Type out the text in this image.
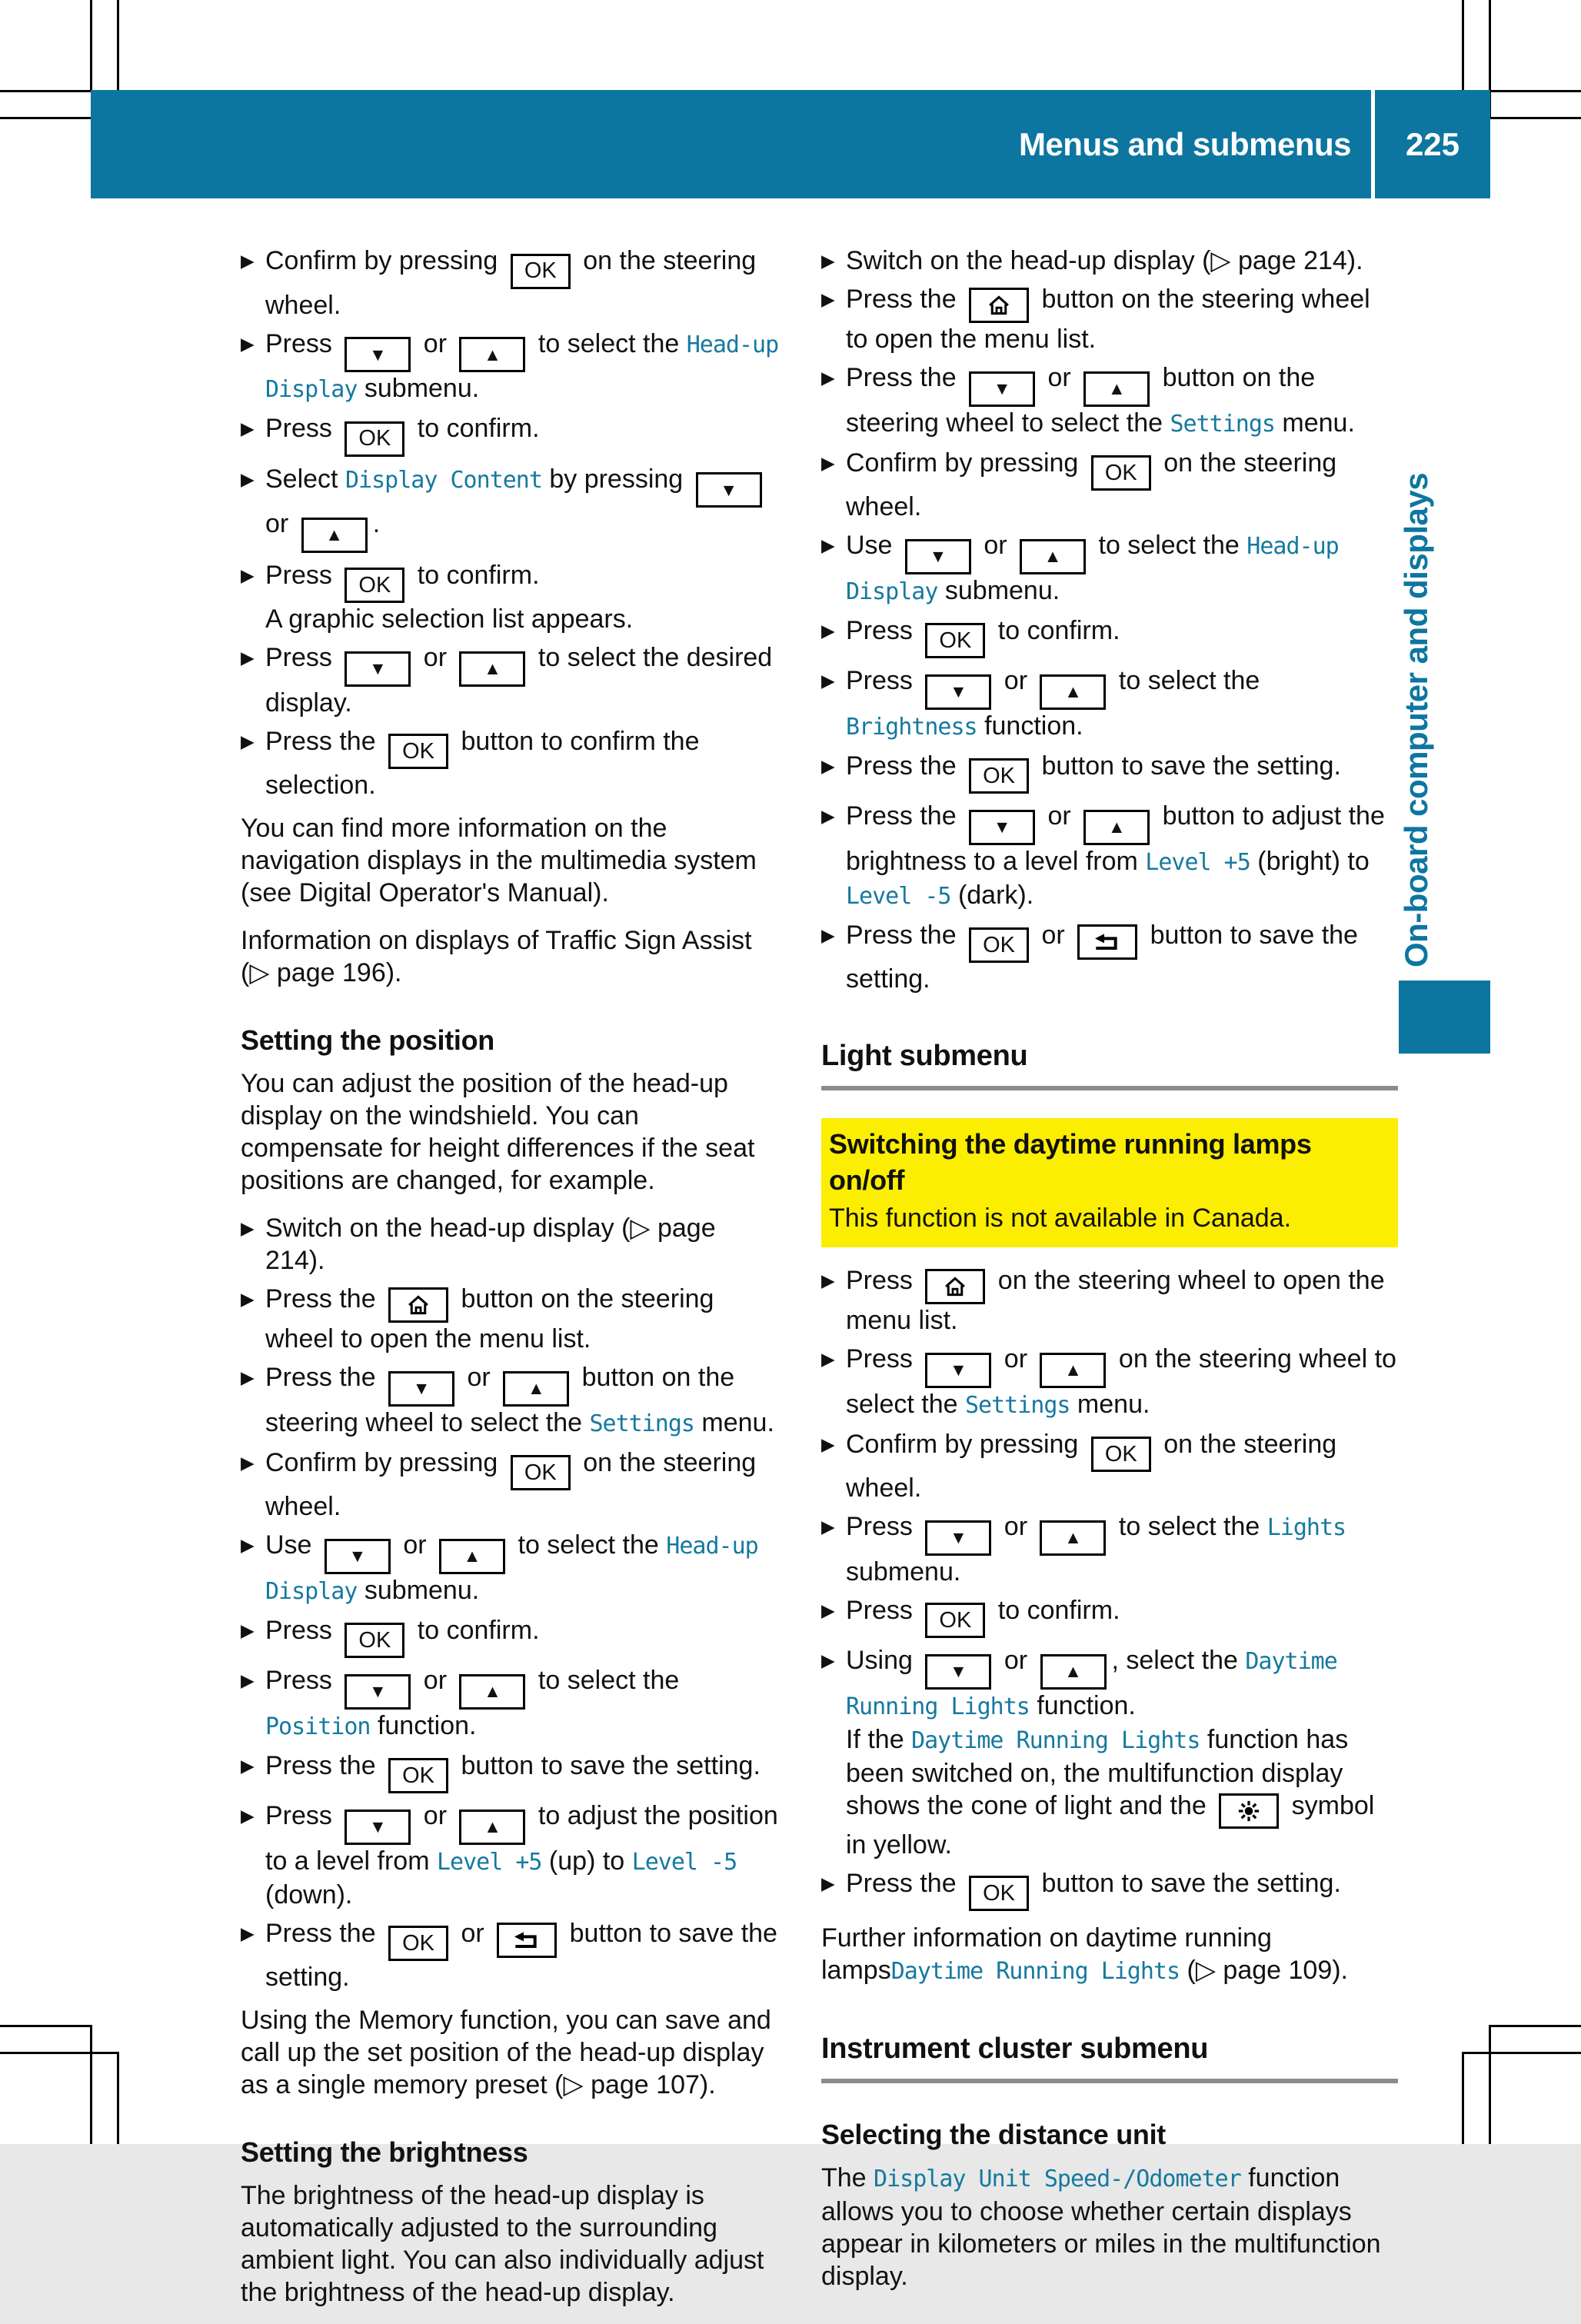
Menus and submenus	225
▶ Confirm by pressing OK on the steering wheel.
▶ Press ▼ or ▲ to select the Head-up Display submenu.
▶ Press OK to confirm.
▶ Select Display Content by pressing ▼ or ▲ .
▶ Press OK to confirm.
A graphic selection list appears.
▶ Press ▼ or ▲ to select the desired display.
▶ Press the OK button to confirm the selection.
You can find more information on the navigation displays in the multimedia system (see Digital Operator's Manual).
Information on displays of Traffic Sign Assist (▷ page 196).
Setting the position
You can adjust the position of the head-up display on the windshield. You can compensate for height differences if the seat positions are changed, for example.
▶ Switch on the head-up display (▷ page 214).
▶ Press the	button on the steering wheel to open the menu list.
▶ Press the ▼ or ▲ button on the steering wheel to select the Settings menu.
▶ Confirm by pressing OK on the steering wheel.
▶ Use ▼ or ▲ to select the Head-up Display submenu.
▶ Press OK to confirm.
▶ Press ▼ or ▲ to select the Position function.
▶ Press the OK button to save the setting.
▶ Press ▼ or ▲ to adjust the position to a level from Level +5 (up) to Level -5 (down).
▶ Press the OK or	button to save the setting.
Using the Memory function, you can save and call up the set position of the head-up display as a single memory preset (▷ page 107).
Setting the brightness
The brightness of the head-up display is automatically adjusted to the surrounding ambient light. You can also individually adjust the brightness of the head-up display.
▶ Switch on the head-up display (▷ page 214).
▶ Press the	button on the steering wheel to open the menu list.
▶ Press the ▼ or ▲ button on the steering wheel to select the Settings menu.
▶ Confirm by pressing OK on the steering wheel.
▶ Use ▼ or ▲ to select the Head-up Display submenu.
▶ Press OK to confirm.
▶ Press ▼ or ▲ to select the Brightness function.
▶ Press the OK button to save the setting.
▶ Press the ▼ or ▲ button to adjust the brightness to a level from Level +5 (bright) to Level -5 (dark).
▶ Press the OK or	button to save the setting.
Light submenu
Switching the daytime running lamps on/off
This function is not available in Canada.
▶ Press	on the steering wheel to open the menu list.
▶ Press ▼ or ▲ on the steering wheel to select the Settings menu.
▶ Confirm by pressing OK on the steering wheel.
▶ Press ▼ or ▲ to select the Lights submenu.
▶ Press OK to confirm.
▶ Using ▼ or ▲ , select the Daytime Running Lights function.
If the Daytime Running Lights function has been switched on, the multifunction display shows the cone of light and the	symbol in yellow.
▶ Press the OK button to save the setting.
Further information on daytime running lampsDaytime Running Lights (▷ page 109).
Instrument cluster submenu
Selecting the distance unit
The Display Unit Speed-/Odometer function allows you to choose whether certain displays appear in kilometers or miles in the multifunction display.
On-board computer and displays
